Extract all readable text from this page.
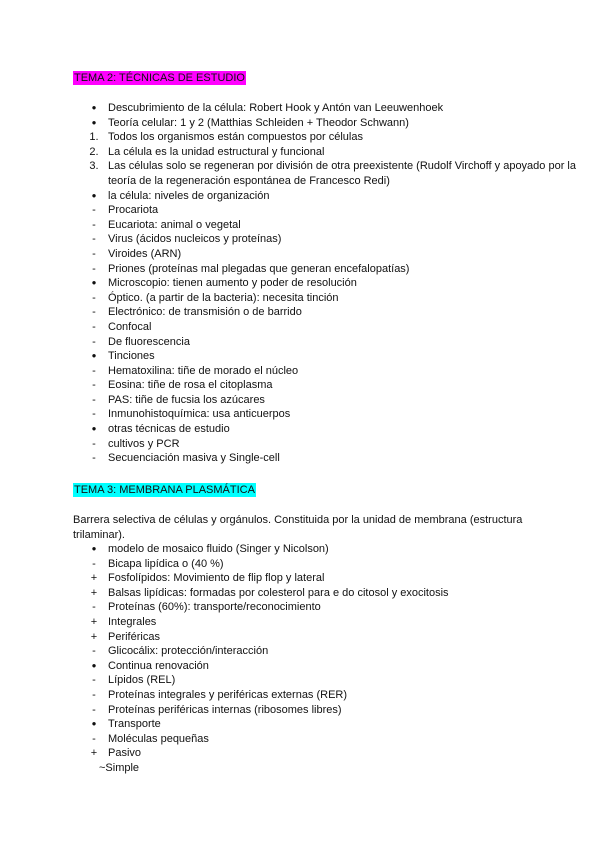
TEMA 2: TÉCNICAS DE ESTUDIO
●	Descubrimiento de la célula: Robert Hook y Antón van Leeuwenhoek
●	Teoría celular: 1 y 2 (Matthias Schleiden + Theodor Schwann)
1. Todos los organismos están compuestos por células
2. La célula es la unidad estructural y funcional
3. Las células solo se regeneran por división de otra preexistente (Rudolf Virchoff y apoyado por la teoría de la regeneración espontánea de Francesco Redi)
●	la célula: niveles de organización
-	Procariota
-	Eucariota: animal o vegetal
-	Virus (ácidos nucleicos y proteínas)
-	Viroides (ARN)
-	Priones (proteínas mal plegadas que generan encefalopatías)
●	Microscopio: tienen aumento y poder de resolución
-	Óptico. (a partir de la bacteria): necesita tinción
-	Electrónico: de transmisión o de barrido
-	Confocal
-	De fluorescencia
●	Tinciones
-	Hematoxilina: tiñe de morado el núcleo
-	Eosina: tiñe de rosa el citoplasma
-	PAS: tiñe de fucsia los azúcares
-	Inmunohistoquímica: usa anticuerpos
●	otras técnicas de estudio
-	cultivos y PCR
-	Secuenciación masiva y Single-cell
TEMA 3: MEMBRANA PLASMÁTICA

Barrera selectiva de células y orgánulos. Constituida por la unidad de membrana (estructura trilaminar).

●	modelo de mosaico fluido (Singer y Nicolson)
-	Bicapa lipídica o (40 %)
+ Fosfolípidos: Movimiento de flip flop y lateral
+ Balsas lipídicas: formadas por colesterol para e do citosol y exocitosis
-	Proteínas (60%): transporte/reconocimiento
+ Integrales
+ Periféricas
-	Glicocálix: protección/interacción
●	Continua renovación
-	Lípidos (REL)
-	Proteínas integrales y periféricas externas (RER)
-	Proteínas periféricas internas (ribosomes libres)
●	Transporte
-	Moléculas pequeñas
+ Pasivo

~Simple
